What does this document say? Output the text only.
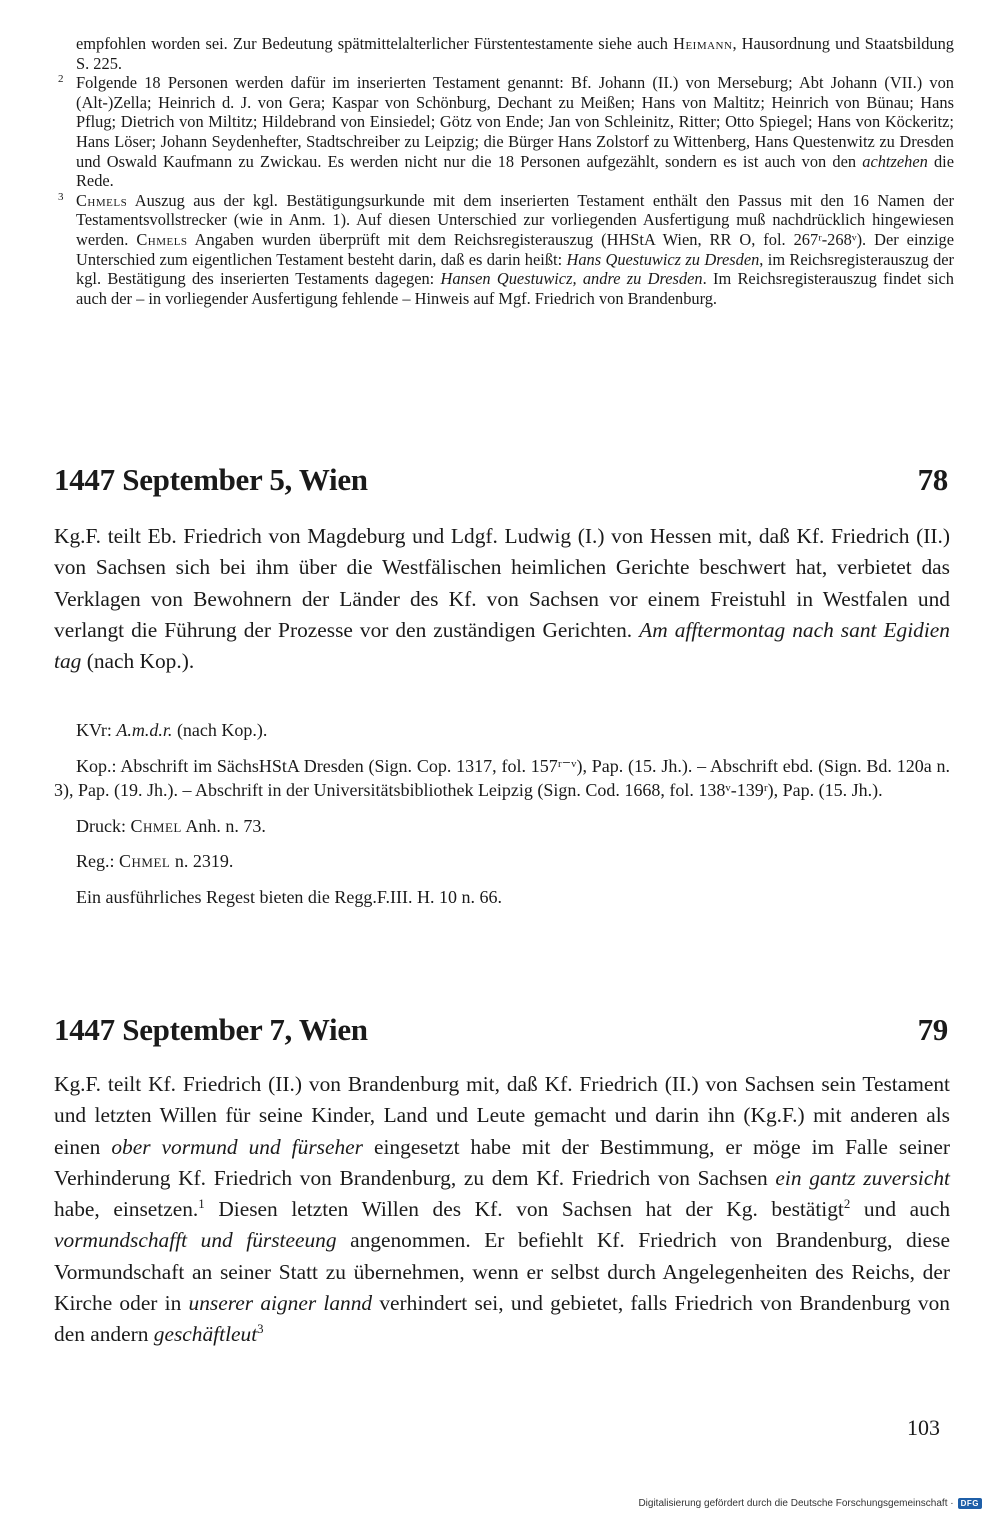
empfohlen worden sei. Zur Bedeutung spätmittelalterlicher Fürstentestamente siehe auch Heimann, Hausordnung und Staatsbildung S. 225.

2 Folgende 18 Personen werden dafür im inserierten Testament genannt: Bf. Johann (II.) von Merseburg; Abt Johann (VII.) von (Alt-)Zella; Heinrich d. J. von Gera; Kaspar von Schönburg, Dechant zu Meißen; Hans von Maltitz; Heinrich von Bünau; Hans Pflug; Dietrich von Miltitz; Hildebrand von Einsiedel; Götz von Ende; Jan von Schleinitz, Ritter; Otto Spiegel; Hans von Köckeritz; Hans Löser; Johann Seydenhefter, Stadtschreiber zu Leipzig; die Bürger Hans Zolstorf zu Wittenberg, Hans Questenwitz zu Dresden und Oswald Kaufmann zu Zwickau. Es werden nicht nur die 18 Personen aufgezählt, sondern es ist auch von den achtzehen die Rede.

3 Chmels Auszug aus der kgl. Bestätigungsurkunde mit dem inserierten Testament enthält den Passus mit den 16 Namen der Testamentsvollstrecker (wie in Anm. 1). Auf diesen Unterschied zur vorliegenden Ausfertigung muß nachdrücklich hingewiesen werden. Chmels Angaben wurden überprüft mit dem Reichsregisterauszug (HHStA Wien, RR O, fol. 267ʳ-268ᵛ). Der einzige Unterschied zum eigentlichen Testament besteht darin, daß es darin heißt: Hans Questuwicz zu Dresden, im Reichsregisterauszug der kgl. Bestätigung des inserierten Testaments dagegen: Hansen Questuwicz, andre zu Dresden. Im Reichsregisterauszug findet sich auch der – in vorliegender Ausfertigung fehlende – Hinweis auf Mgf. Friedrich von Brandenburg.

1447 September 5, Wien	78

Kg.F. teilt Eb. Friedrich von Magdeburg und Ldgf. Ludwig (I.) von Hessen mit, daß Kf. Friedrich (II.) von Sachsen sich bei ihm über die Westfälischen heimlichen Gerichte beschwert hat, verbietet das Verklagen von Bewohnern der Länder des Kf. von Sachsen vor einem Freistuhl in Westfalen und verlangt die Führung der Prozesse vor den zuständigen Gerichten. Am afftermontag nach sant Egidien tag (nach Kop.).

KVr: A.m.d.r. (nach Kop.).

Kop.: Abschrift im SächsHStA Dresden (Sign. Cop. 1317, fol. 157ʳ⁻ᵛ), Pap. (15. Jh.). – Abschrift ebd. (Sign. Bd. 120a n. 3), Pap. (19. Jh.). – Abschrift in der Universitätsbibliothek Leipzig (Sign. Cod. 1668, fol. 138ᵛ-139ʳ), Pap. (15. Jh.).

Druck: Chmel Anh. n. 73.

Reg.: Chmel n. 2319.

Ein ausführliches Regest bieten die Regg.F.III. H. 10 n. 66.

1447 September 7, Wien	79

Kg.F. teilt Kf. Friedrich (II.) von Brandenburg mit, daß Kf. Friedrich (II.) von Sachsen sein Testament und letzten Willen für seine Kinder, Land und Leute gemacht und darin ihn (Kg.F.) mit anderen als einen ober vormund und fürseher eingesetzt habe mit der Bestimmung, er möge im Falle seiner Verhinderung Kf. Friedrich von Brandenburg, zu dem Kf. Friedrich von Sachsen ein gantz zuversicht habe, einsetzen.$^1$ Diesen letzten Willen des Kf. von Sachsen hat der Kg. bestätigt$^2$ und auch vormundschafft und fürsteeung angenommen. Er befiehlt Kf. Friedrich von Brandenburg, diese Vormundschaft an seiner Statt zu übernehmen, wenn er selbst durch Angelegenheiten des Reichs, der Kirche oder in unserer aigner lannd verhindert sei, und gebietet, falls Friedrich von Brandenburg von den andern geschäftleut$^3$

103
Digitalisierung gefördert durch die Deutsche Forschungsgemeinschaft · DFG
